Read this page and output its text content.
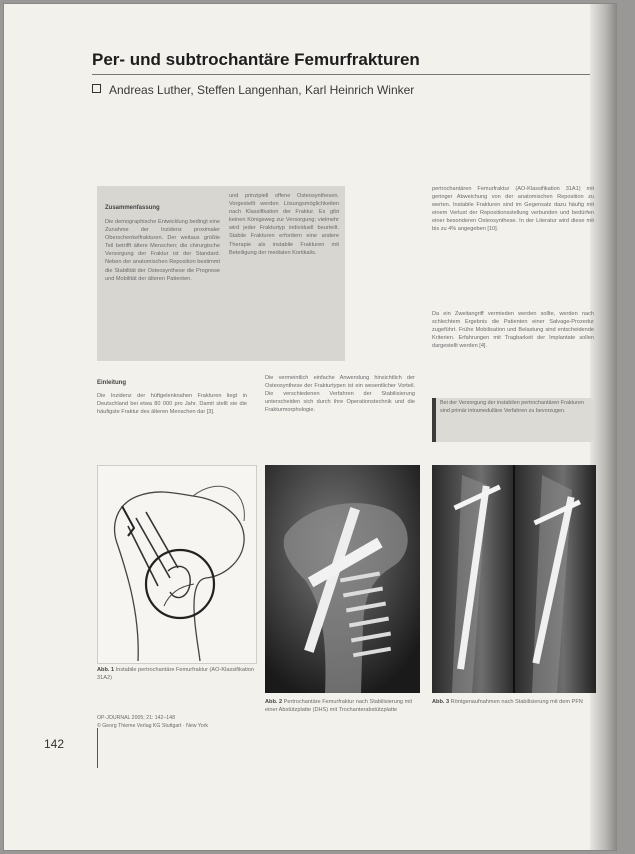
Per- und subtrochantäre Femurfrakturen
Andreas Luther, Steffen Langenhan, Karl Heinrich Winker
Zusammenfassung

Die demographische Entwicklung bedingt eine Zunahme der Inzidenz proximaler Oberschenkelfrakturen. Der weitaus größte Teil betrifft ältere Menschen; die chirurgische Versorgung der Fraktur ist der Standard. Neben der anatomischen Reposition bestimmt die Stabilität der Osteosynthese die Prognose und Mobilität der älteren Patienten.

und prinzipiell offene Osteosynthesen. Vorgestellt werden Lösungsmöglichkeiten nach Klassifikation der Fraktur. Es gibt keinen Königsweg zur Versorgung; vielmehr wird jeder Frakturtyp individuell beurteilt. Stabile Frakturen erfordern eine andere Therapie als instabile Frakturen mit Beteiligung der medialen Kortikalis.

Einleitung

Die Inzidenz der hüftgelenknahen Frakturen liegt in Deutschland bei etwa 80 000 pro Jahr. Damit stellt sie die häufigste Fraktur des älteren Menschen dar [3].

Die vermeintlich einfache Anwendung hinsichtlich der Osteosynthese der Frakturtypen ist ein wesentlicher Vorteil. Die verschiedenen Verfahren der Stabilisierung unterscheiden sich durch ihre Operationstechnik und die Frakturmorphologie.

pertrochantären Femurfraktur (AO-Klassifikation 31A1) mit geringer Abweichung von der anatomischen Reposition zu werten. Instabile Frakturen sind im Gegensatz dazu häufig mit einem Verlust der Repositionsstellung verbunden und bedürfen einer besonderen Osteosynthese. In der Literatur wird diese mit bis zu 4% angegeben [10].

Da ein Zweitangriff vermieden werden sollte, werden nach schlechtem Ergebnis die Patienten einer Salvage-Prozedur zugeführt. Frühe Mobilisation und Belastung sind entscheidende Kriterien. Erfahrungen mit Tragbarkeit der Implantate sollen dargestellt werden [4].

Bei der Versorgung der instabilen pertrochantären Frakturen sind primär intramedulläre Verfahren zu bevorzugen.
Abb. 1 Instabile pertrochantäre Femurfraktur (AO-Klassifikation 31A2)
Abb. 2 Pertrochantäre Femurfraktur nach Stabilisierung mit einer Abstützplatte (DHS) mit Trochanterabstützplatte
Abb. 3 Röntgenaufnahmen nach Stabilisierung mit dem PFN
OP-JOURNAL 2005; 21: 142–148
© Georg Thieme Verlag KG Stuttgart · New York
142
